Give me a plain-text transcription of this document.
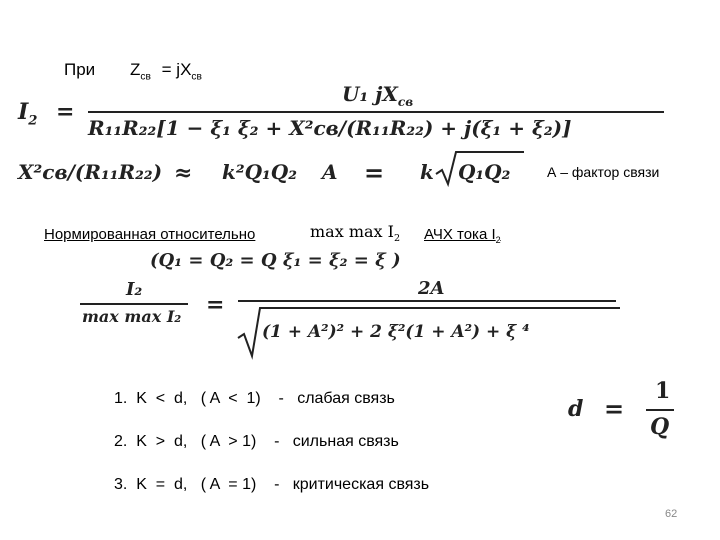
При $Z_{св} = jX_{св}$
$I_2$ =
U₁ $jX_{св}$
R₁₁R₂₂[1 − ξ₁ ξ₂ + X²св/(R₁₁R₂₂) + j(ξ₁ + ξ₂)]
X²св/(R₁₁R₂₂) ≈ k²Q₁Q₂ A = k Q₁Q₂	А – фактор связи
Нормированная относительно	$\max \max I_2$ АЧХ тока $I_2$
(Q₁ = Q₂ = Q ξ₁ = ξ₂ = ξ )
I₂
max max I₂ =
2A
(1 + A²)² + 2 ξ²(1 + A²) + ξ ⁴
1.  K  <  d,   ( A  <  1)    -   слабая связь
2.  K  >  d,   ( A  > 1)    -   сильная связь
3.  K  =  d,   ( A  = 1)    -   критическая связь
d =
1
Q
62
